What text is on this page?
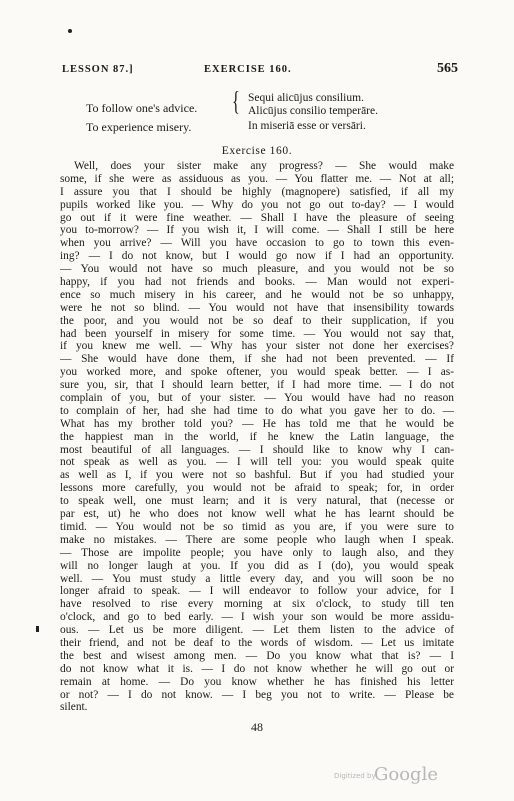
LESSON 87.]	EXERCISE 160.	565
To follow one's advice. { Sequi alicūjus consilium.
Alicūjus consilio temperāre.
To experience misery.	In miseriā esse or versāri.
Exercise 160.
Well, does your sister make any progress? — She would make
some, if she were as assiduous as you. — You flatter me. — Not at all;
I assure you that I should be highly (magnopere) satisfied, if all my
pupils worked like you. — Why do you not go out to-day? — I would
go out if it were fine weather. — Shall I have the pleasure of seeing
you to-morrow? — If you wish it, I will come. — Shall I still be here
when you arrive? — Will you have occasion to go to town this even-
ing? — I do not know, but I would go now if I had an opportunity.
— You would not have so much pleasure, and you would not be so
happy, if you had not friends and books. — Man would not experi-
ence so much misery in his career, and he would not be so unhappy,
were he not so blind. — You would not have that insensibility towards
the poor, and you would not be so deaf to their supplication, if you
had been yourself in misery for some time. — You would not say that,
if you knew me well. — Why has your sister not done her exercises?
— She would have done them, if she had not been prevented. — If
you worked more, and spoke oftener, you would speak better. — I as-
sure you, sir, that I should learn better, if I had more time. — I do not
complain of you, but of your sister. — You would have had no reason
to complain of her, had she had time to do what you gave her to do. —
What has my brother told you? — He has told me that he would be
the happiest man in the world, if he knew the Latin language, the
most beautiful of all languages. — I should like to know why I can-
not speak as well as you. — I will tell you: you would speak quite
as well as I, if you were not so bashful. But if you had studied your
lessons more carefully, you would not be afraid to speak; for, in order
to speak well, one must learn; and it is very natural, that (necesse or
par est, ut) he who does not know well what he has learnt should be
timid. — You would not be so timid as you are, if you were sure to
make no mistakes. — There are some people who laugh when I speak.
— Those are impolite people; you have only to laugh also, and they
will no longer laugh at you. If you did as I (do), you would speak
well. — You must study a little every day, and you will soon be no
longer afraid to speak. — I will endeavor to follow your advice, for I
have resolved to rise every morning at six o'clock, to study till ten
o'clock, and go to bed early. — I wish your son would be more assidu-
ous. — Let us be more diligent. — Let them listen to the advice of
their friend, and not be deaf to the words of wisdom. — Let us imitate
the best and wisest among men. — Do you know what that is? — I
do not know what it is. — I do not know whether he will go out or
remain at home. — Do you know whether he has finished his letter
or not? — I do not know. — I beg you not to write. — Please be
silent.
48
Digitized by
Google
